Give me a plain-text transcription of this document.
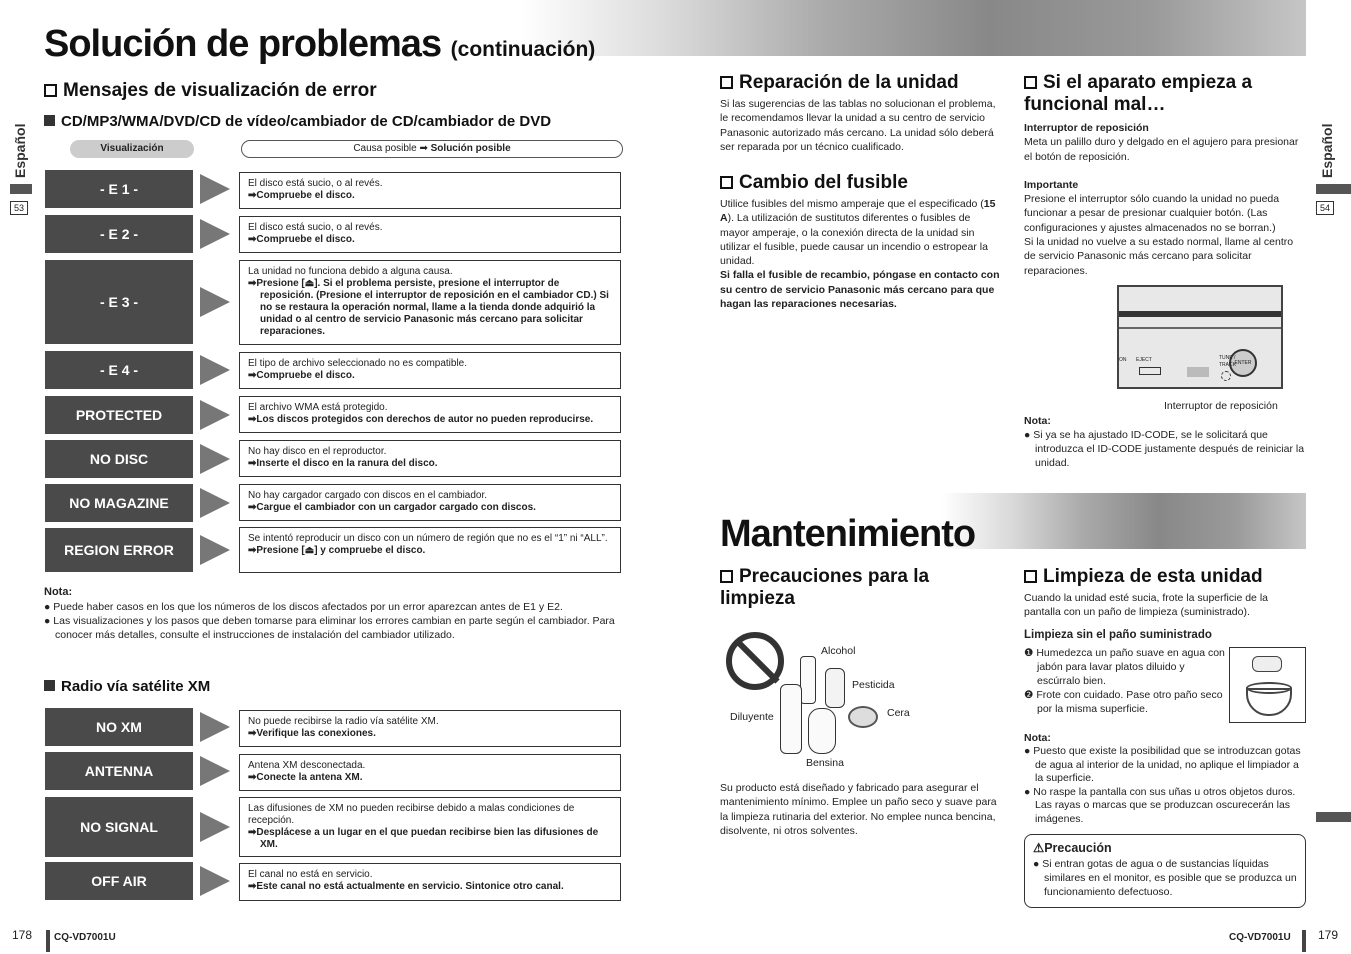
Solución de problemas (continuación)
Español
53
Mensajes de visualización de error
CD/MP3/WMA/DVD/CD de vídeo/cambiador de CD/cambiador de DVD
Visualización	Causa posible ➡ Solución posible
- E 1 -	El disco está sucio, o al revés.
➡Compruebe el disco.
- E 2 -	El disco está sucio, o al revés.
➡Compruebe el disco.
- E 3 -
La unidad no funciona debido a alguna causa.
➡Presione [⏏]. Si el problema persiste, presione el interruptor de reposición. (Presione el interruptor de reposición en el cambiador CD.) Si no se restaura la operación normal, llame a la tienda donde adquirió la unidad o al centro de servicio Panasonic más cercano para solicitar reparaciones.
- E 4 -	El tipo de archivo seleccionado no es compatible.
➡Compruebe el disco.
PROTECTED	El archivo WMA está protegido.
➡Los discos protegidos con derechos de autor no pueden reproducirse.
NO DISC	No hay disco en el reproductor.
➡Inserte el disco en la ranura del disco.
NO MAGAZINE	No hay cargador cargado con discos en el cambiador.
➡Cargue el cambiador con un cargador cargado con discos.
REGION ERROR
Se intentó reproducir un disco con un número de región que no es el “1” ni “ALL”.
➡Presione [⏏] y compruebe el disco.
Nota:
● Puede haber casos en los que los números de los discos afectados por un error aparezcan antes de E1 y E2.
● Las visualizaciones y los pasos que deben tomarse para eliminar los errores cambian en parte según el cambiador. Para conocer más detalles, consulte el instrucciones de instalación del cambiador utilizado.
Radio vía satélite XM
NO XM	No puede recibirse la radio vía satélite XM.
➡Verifique las conexiones.
ANTENNA	Antena XM desconectada.
➡Conecte la antena XM.
NO SIGNAL
Las difusiones de XM no pueden recibirse debido a malas condiciones de recepción.
➡Desplácese a un lugar en el que puedan recibirse bien las difusiones de XM.
OFF AIR	El canal no está en servicio.
➡Este canal no está actualmente en servicio. Sintonice otro canal.
178 CQ-VD7001U
Reparación de la unidad
Si las sugerencias de las tablas no solucionan el problema, le recomendamos llevar la unidad a su centro de servicio Panasonic autorizado más cercano. La unidad sólo deberá ser reparada por un técnico cualificado.
Cambio del fusible
Utilice fusibles del mismo amperaje que el especificado (15 A). La utilización de sustitutos diferentes o fusibles de mayor amperaje, o la conexión directa de la unidad sin utilizar el fusible, puede causar un incendio o estropear la unidad.
Si falla el fusible de recambio, póngase en contacto con su centro de servicio Panasonic más cercano para que hagan las reparaciones necesarias.
Si el aparato empieza a funcional mal…
Interruptor de reposición
Meta un palillo duro y delgado en el agujero para presionar el botón de reposición.
Importante
Presione el interruptor sólo cuando la unidad no pueda funcionar a pesar de presionar cualquier botón. (Las configuraciones y ajustes almacenados no se borran.)
Si la unidad no vuelve a su estado normal, llame al centro de servicio Panasonic más cercano para solicitar reparaciones.
ENTER
EJECT
ON	TUNE / TRACK
Interruptor de reposición
Nota:
● Si ya se ha ajustado ID-CODE, se le solicitará que introduzca el ID-CODE justamente después de reiniciar la unidad.
Mantenimiento
Precauciones para la limpieza
Alcohol
Pesticida
Diluyente	Cera
Bensina
Su producto está diseñado y fabricado para asegurar el mantenimiento mínimo. Emplee un paño seco y suave para la limpieza rutinaria del exterior. No emplee nunca bencina, disolvente, ni otros solventes.
Limpieza de esta unidad
Cuando la unidad esté sucia, frote la superficie de la pantalla con un paño de limpieza (suministrado).
Limpieza sin el paño suministrado
❶ Humedezca un paño suave en agua con jabón para lavar platos diluido y escúrralo bien.
❷ Frote con cuidado. Pase otro paño seco por la misma superficie.
Nota:
● Puesto que existe la posibilidad que se introduzcan gotas de agua al interior de la unidad, no aplique el limpiador a la superficie.
● No raspe la pantalla con sus uñas u otros objetos duros. Las rayas o marcas que se produzcan oscurecerán las imágenes.
⚠Precaución
● Si entran gotas de agua o de sustancias líquidas similares en el monitor, es posible que se produzca un funcionamiento defectuoso.
Español
54
CQ-VD7001U 179
